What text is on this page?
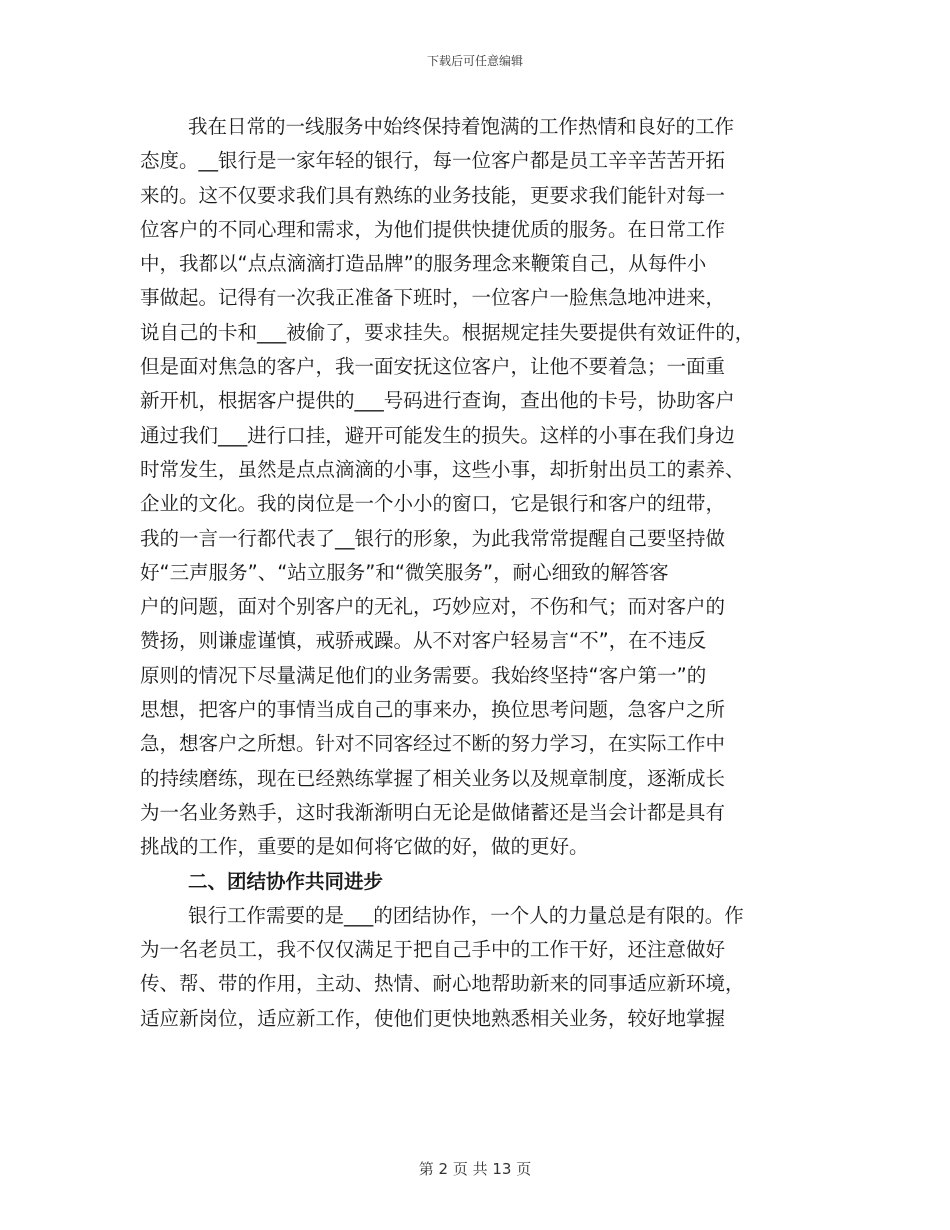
下载后可任意编辑
我在日常的一线服务中始终保持着饱满的工作热情和良好的工作
态度。__银行是一家年轻的银行，每一位客户都是员工辛辛苦苦开拓
来的。这不仅要求我们具有熟练的业务技能，更要求我们能针对每一
位客户的不同心理和需求，为他们提供快捷优质的服务。在日常工作
中，我都以“点点滴滴打造品牌”的服务理念来鞭策自己，从每件小
事做起。记得有一次我正准备下班时，一位客户一脸焦急地冲进来，
说自己的卡和___被偷了，要求挂失。根据规定挂失要提供有效证件的，
但是面对焦急的客户，我一面安抚这位客户，让他不要着急；一面重
新开机，根据客户提供的___号码进行查询，查出他的卡号，协助客户
通过我们___进行口挂，避开可能发生的损失。这样的小事在我们身边
时常发生，虽然是点点滴滴的小事，这些小事，却折射出员工的素养、
企业的文化。我的岗位是一个小小的窗口，它是银行和客户的纽带，
我的一言一行都代表了__银行的形象，为此我常常提醒自己要坚持做
好“三声服务”、“站立服务”和“微笑服务”，耐心细致的解答客
户的问题，面对个别客户的无礼，巧妙应对，不伤和气；而对客户的
赞扬，则谦虚谨慎，戒骄戒躁。从不对客户轻易言“不”，在不违反
原则的情况下尽量满足他们的业务需要。我始终坚持“客户第一”的
思想，把客户的事情当成自己的事来办，换位思考问题，急客户之所
急，想客户之所想。针对不同客经过不断的努力学习，在实际工作中
的持续磨练，现在已经熟练掌握了相关业务以及规章制度，逐渐成长
为一名业务熟手，这时我渐渐明白无论是做储蓄还是当会计都是具有
挑战的工作，重要的是如何将它做的好，做的更好。
二、团结协作共同进步
银行工作需要的是___的团结协作，一个人的力量总是有限的。作
为一名老员工，我不仅仅满足于把自己手中的工作干好，还注意做好
传、帮、带的作用，主动、热情、耐心地帮助新来的同事适应新环境，
适应新岗位，适应新工作，使他们更快地熟悉相关业务，较好地掌握
第 2 页 共 13 页
